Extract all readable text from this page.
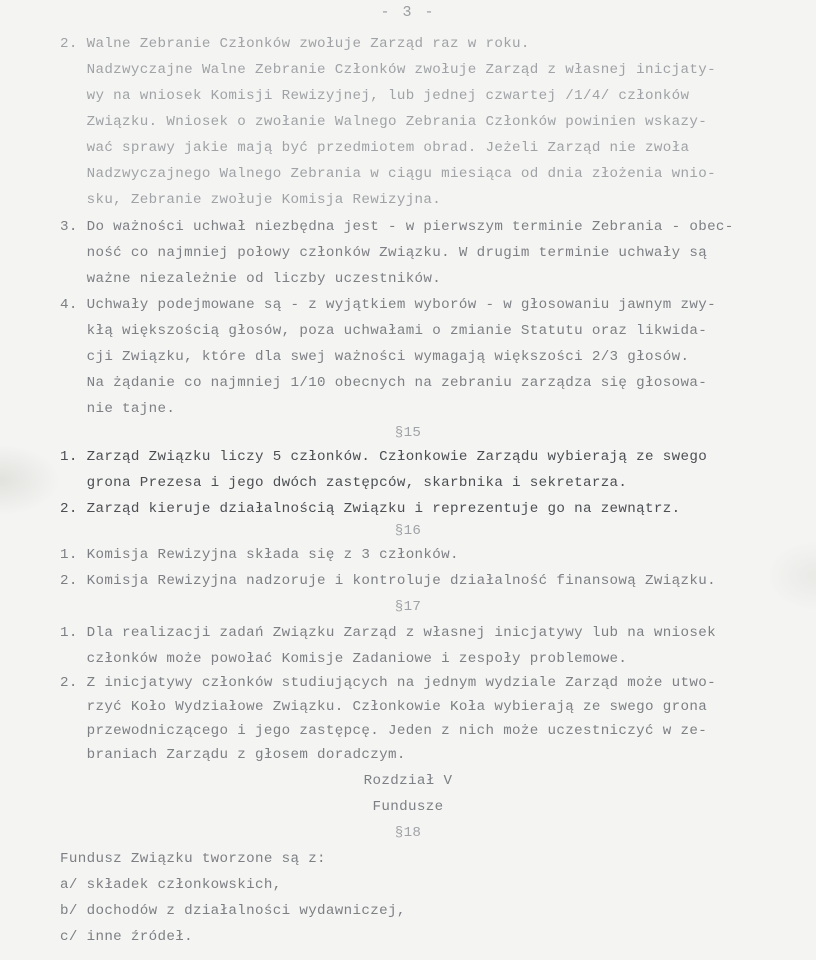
- 3 -
2. Walne Zebranie Członków zwołuje Zarząd raz w roku.
Nadzwyczajne Walne Zebranie Członków zwołuje Zarząd z własnej inicjaty-
wy na wniosek Komisji Rewizyjnej, lub jednej czwartej /1/4/ członków
Związku. Wniosek o zwołanie Walnego Zebrania Członków powinien wskazy-
wać sprawy jakie mają być przedmiotem obrad. Jeżeli Zarząd nie zwoła
Nadzwyczajnego Walnego Zebrania w ciągu miesiąca od dnia złożenia wnio-
sku, Zebranie zwołuje Komisja Rewizyjna.
3. Do ważności uchwał niezbędna jest - w pierwszym terminie Zebrania - obec-
ność co najmniej połowy członków Związku. W drugim terminie uchwały są
ważne niezależnie od liczby uczestników.
4. Uchwały podejmowane są - z wyjątkiem wyborów - w głosowaniu jawnym zwy-
kłą większością głosów, poza uchwałami o zmianie Statutu oraz likwida-
cji Związku, które dla swej ważności wymagają większości 2/3 głosów.
Na żądanie co najmniej 1/10 obecnych na zebraniu zarządza się głosowa-
nie tajne.
§15
1. Zarząd Związku liczy 5 członków. Członkowie Zarządu wybierają ze swego
grona Prezesa i jego dwóch zastępców, skarbnika i sekretarza.
2. Zarząd kieruje działalnością Związku i reprezentuje go na zewnątrz.
§16
1. Komisja Rewizyjna składa się z 3 członków.
2. Komisja Rewizyjna nadzoruje i kontroluje działalność finansową Związku.
§17
1. Dla realizacji zadań Związku Zarząd z własnej inicjatywy lub na wniosek
członków może powołać Komisje Zadaniowe i zespoły problemowe.
2. Z inicjatywy członków studiujących na jednym wydziale Zarząd może utwo-
rzyć Koło Wydziałowe Związku. Członkowie Koła wybierają ze swego grona
przewodniczącego i jego zastępcę. Jeden z nich może uczestniczyć w ze-
braniach Zarządu z głosem doradczym.
Rozdział V
Fundusze
§18
Fundusz Związku tworzone są z:
a/ składek członkowskich,
b/ dochodów z działalności wydawniczej,
c/ inne źródeł.
